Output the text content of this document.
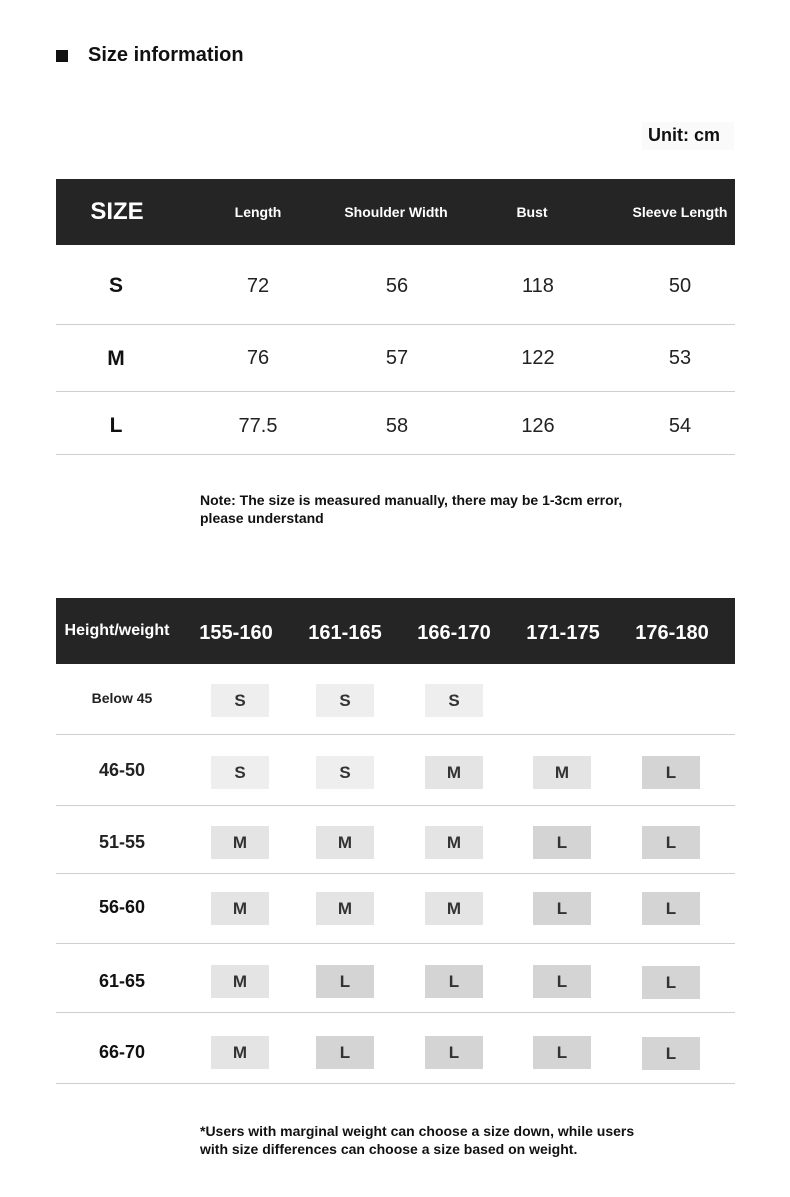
Size information
Unit: cm
SIZE	Length	Shoulder Width	Bust	Sleeve Length
S	72	56	118	50
M	76	57	122	53
L	77.5	58	126	54
Note: The size is measured manually, there may be 1-3cm error,
please understand
Height/weight	155-160	161-165	166-170	171-175	176-180
Below 45	S	S	S
46-50	S	S	M	M	L
51-55	M	M	M	L	L
56-60	M	M	M	L	L
61-65	M	L	L	L	L
66-70	M	L	L	L	L
*Users with marginal weight can choose a size down, while users
with size differences can choose a size based on weight.
